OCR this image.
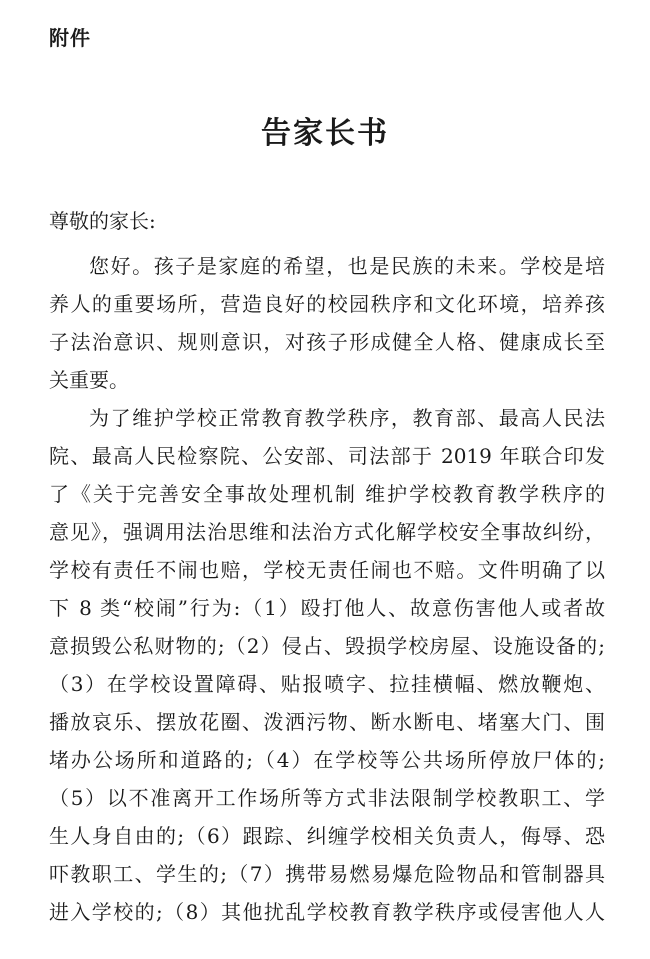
附件

告家长书

尊敬的家长:

您好。孩子是家庭的希望，也是民族的未来。学校是培

养人的重要场所，营造良好的校园秩序和文化环境，培养孩

子法治意识、规则意识，对孩子形成健全人格、健康成长至

关重要。

为了维护学校正常教育教学秩序，教育部、最高人民法

院、最高人民检察院、公安部、司法部于 2019 年联合印发

了《关于完善安全事故处理机制 维护学校教育教学秩序的

意见》，强调用法治思维和法治方式化解学校安全事故纠纷，

学校有责任不闹也赔，学校无责任闹也不赔。文件明确了以

下 8 类“校闹”行为:（1）殴打他人、故意伤害他人或者故

意损毁公私财物的;（2）侵占、毁损学校房屋、设施设备的;

（3）在学校设置障碍、贴报喷字、拉挂横幅、燃放鞭炮、

播放哀乐、摆放花圈、泼洒污物、断水断电、堵塞大门、围

堵办公场所和道路的;（4）在学校等公共场所停放尸体的;

（5）以不准离开工作场所等方式非法限制学校教职工、学

生人身自由的;（6）跟踪、纠缠学校相关负责人，侮辱、恐

吓教职工、学生的;（7）携带易燃易爆危险物品和管制器具

进入学校的;（8）其他扰乱学校教育教学秩序或侵害他人人
